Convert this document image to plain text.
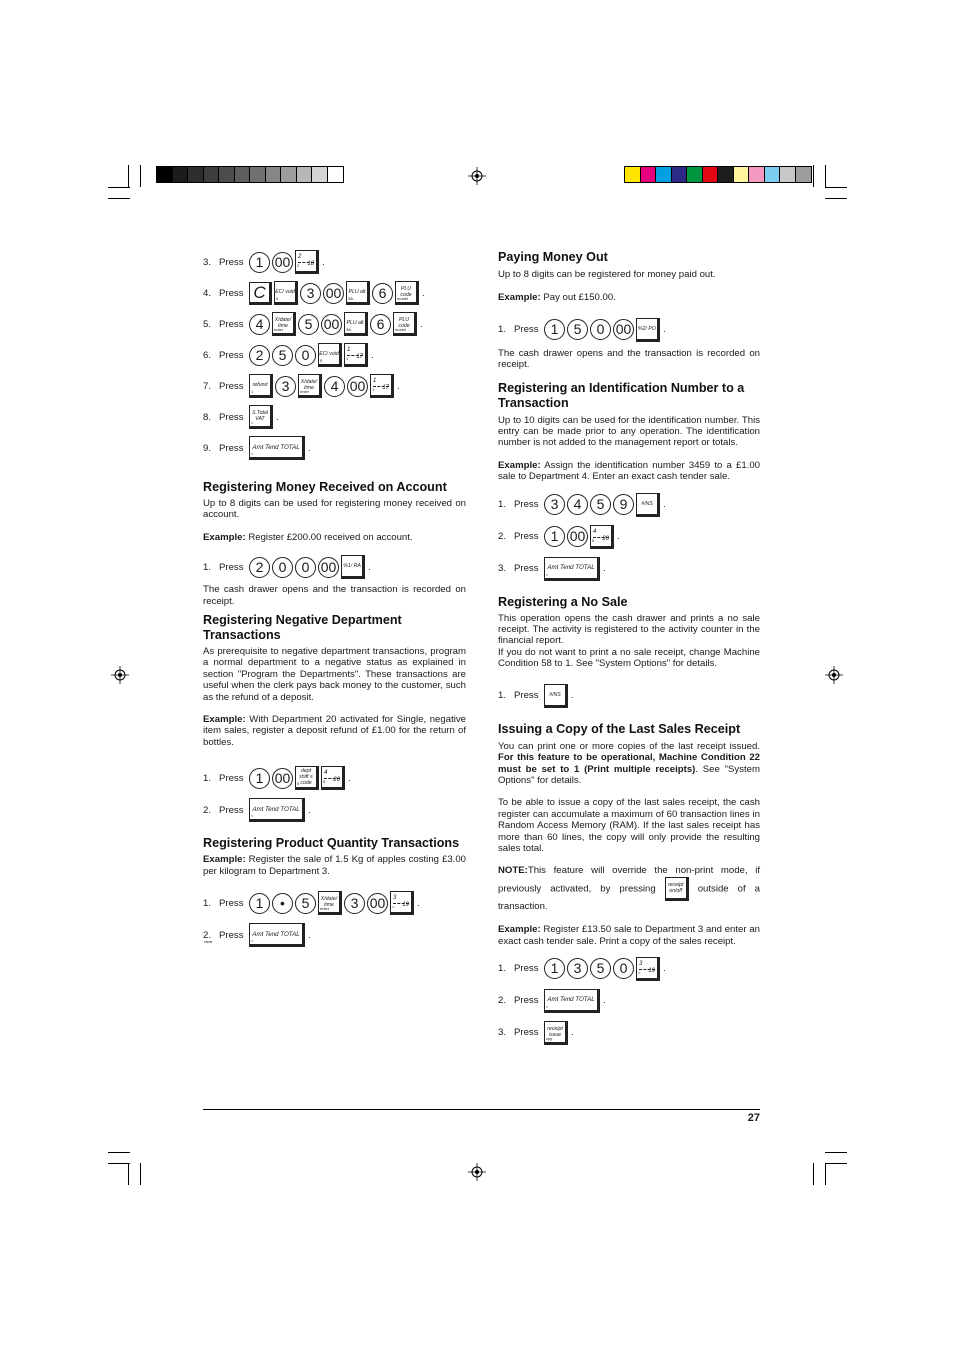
3. Press 1 00	2
18
2 .
4. Press C
clear
EC/ void
5	3 00	PLU alt
3/k	6	PLU code
model .
5. Press 4	X/date/ time
enter	5 00	PLU alt
3/k	6	PLU code
model .
6. Press 2	5	0	EC/ void
5
1
17
1 .
7. Press	refund
1	3	X/date/ time
enter	4 00	1
17
1 .
8. Press	S.Total VAT
= .
9. Press	Amt Tend TOTAL
=	.
Registering Money Received on Account

Up to 8 digits can be used for registering money received on account.

Example: Register £200.00 received on account.

1. Press 2	0	0 00	%1/ RA .

The cash drawer opens and the transaction is recorded on receipt.

Registering Negative Department Transactions

As prerequisite to negative department transactions, program a normal department to a negative status as explained in section "Program the Departments". These transactions are useful when the clerk pays back money to the customer, such as the refund of a deposit.

Example: With Department 20 activated for Single, negative item sales, register a deposit refund of £1.00 for the return of bottles.

1. Press 1 00	dept shift ≤ code
5
4
20
5 .
2. Press	Amt Tend TOTAL
=	.
Registering Product Quantity Transactions

Example: Register the sale of 1.5 Kg of apples costing £3.00 per kilogram to Department 3.

1. Press 1	•	5	X/date/ time
enter	3 00	3
19
= .
2. Press	Amt Tend TOTAL
=	.
Paying Money Out

Up to 8 digits can be registered for money paid out.

Example: Pay out £150.00.

1. Press 1	5	0 00	%2/ PO .

The cash drawer opens and the transaction is recorded on receipt.

Registering an Identification Number to a Transaction

Up to 10 digits can be used for the identification number. This entry can be made prior to any operation. The identification number is not added to the management report or totals.

Example: Assign the identification number 3459 to a £1.00 sale to Department 4. Enter an exact cash tender sale.

1. Press 3	4	5	9	#/NS .
2. Press 1 00	4
20
5 .
3. Press	Amt Tend TOTAL
=	.
Registering a No Sale

This operation opens the cash drawer and prints a no sale receipt. The activity is registered to the activity counter in the financial report.

If you do not want to print a no sale receipt, change Machine Condition 58 to 1. See "System Options" for details.

1. Press	#/NS .
Issuing a Copy of the Last Sales Receipt

You can print one or more copies of the last receipt issued. For this feature to be operational, Machine Condition 22 must be set to 1 (Print multiple receipts). See "System Options" for details.

To be able to issue a copy of the last sales receipt, the cash register can accumulate a maximum of 60 transaction lines in Random Access Memory (RAM). If the last sales receipt has more than 60 lines, the copy will only provide the resulting sales total.

NOTE:This feature will override the non-print mode, if previously activated, by pressing	receipt on/off	outside of a transaction.

Example: Register £13.50 sale to Department 3 and enter an exact cash tender sale. Print a copy of the sales receipt.

1. Press 1	3	5	0	3
19
= .
2. Press	Amt Tend TOTAL
=	.
3. Press	receipt issue
cpy .
27
